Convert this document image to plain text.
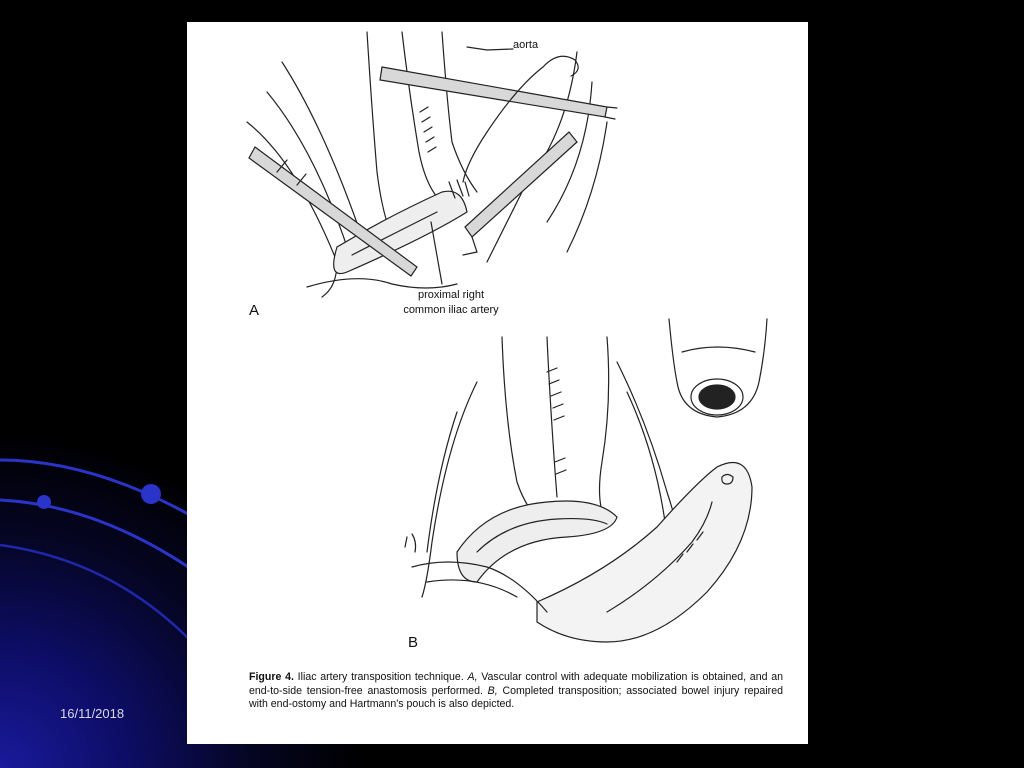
16/11/2018
aorta
proximal right
common iliac artery
A
B
Figure 4. Iliac artery transposition technique. A, Vascular control with adequate mobilization is obtained, and an end-to-side tension-free anastomosis performed. B, Completed transposition; associated bowel injury repaired with end-ostomy and Hartmann's pouch is also depicted.
